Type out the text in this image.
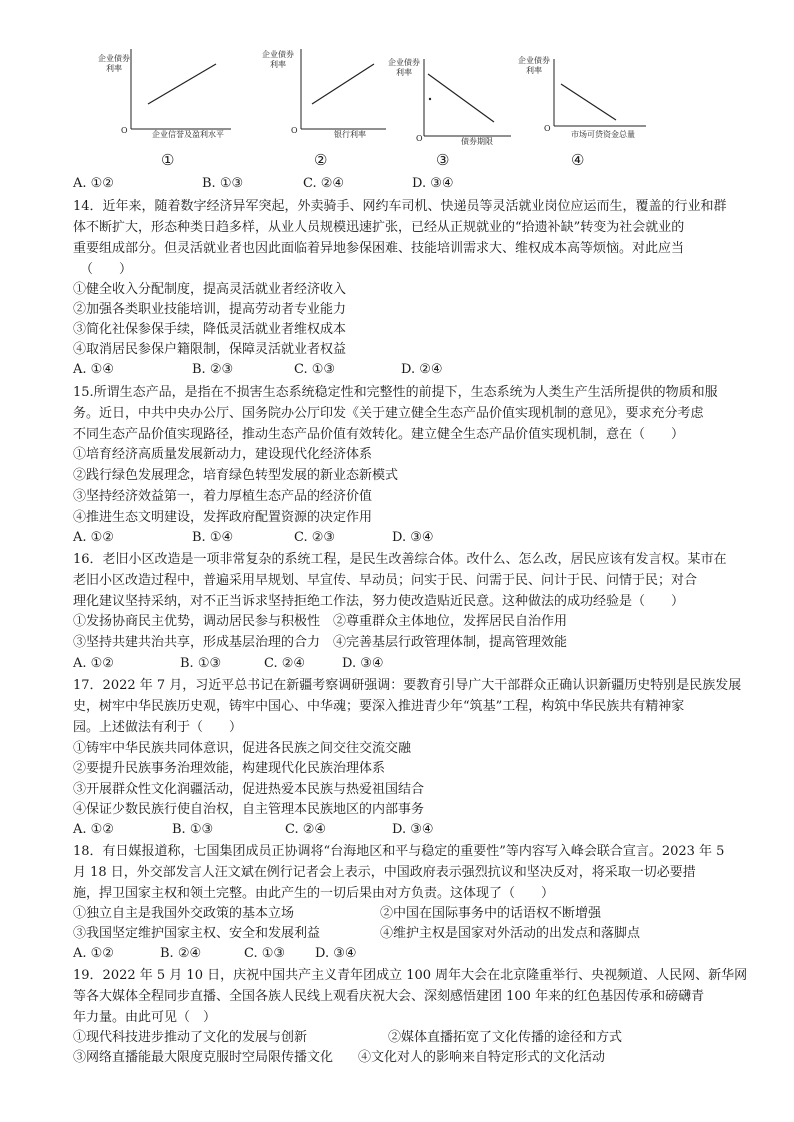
企业债券利率
O	企业信誉及盈利水平
①
企业债券利率
O	银行利率
②
企业债券利率
O	债券期限
③
企业债券利率
O
市场可贷资金总量
④
A. ①②	B. ①③	C. ②④	D. ③④
14．近年来，随着数字经济异军突起，外卖骑手、网约车司机、快递员等灵活就业岗位应运而生，覆盖的行业和群
体不断扩大，形态种类日趋多样，从业人员规模迅速扩张，已经从正规就业的“拾遗补缺”转变为社会就业的
重要组成部分。但灵活就业者也因此面临着异地参保困难、技能培训需求大、维权成本高等烦恼。对此应当
（　　）
①健全收入分配制度，提高灵活就业者经济收入
②加强各类职业技能培训，提高劳动者专业能力
③简化社保参保手续，降低灵活就业者维权成本
④取消居民参保户籍限制，保障灵活就业者权益
A. ①④	B. ②③	C. ①③	D. ②④
15.所谓生态产品，是指在不损害生态系统稳定性和完整性的前提下，生态系统为人类生产生活所提供的物质和服
务。近日，中共中央办公厅、国务院办公厅印发《关于建立健全生态产品价值实现机制的意见》，要求充分考虑
不同生态产品价值实现路径，推动生态产品价值有效转化。建立健全生态产品价值实现机制，意在（　　）
①培育经济高质量发展新动力，建设现代化经济体系
②践行绿色发展理念，培育绿色转型发展的新业态新模式
③坚持经济效益第一，着力厚植生态产品的经济价值
④推进生态文明建设，发挥政府配置资源的决定作用
A. ①②	B. ①④	C. ②③	D. ③④
16．老旧小区改造是一项非常复杂的系统工程，是民生改善综合体。改什么、怎么改，居民应该有发言权。某市在
老旧小区改造过程中，普遍采用早规划、早宣传、早动员；问实于民、问需于民、问计于民、问情于民；对合
理化建议坚持采纳，对不正当诉求坚持拒绝工作法，努力使改造贴近民意。这种做法的成功经验是（　　）
①发扬协商民主优势，调动居民参与积极性　②尊重群众主体地位，发挥居民自治作用
③坚持共建共治共享，形成基层治理的合力　④完善基层行政管理体制，提高管理效能
A. ①②	B. ①③	C. ②④	D. ③④
17．2022 年 7 月，习近平总书记在新疆考察调研强调：要教育引导广大干部群众正确认识新疆历史特别是民族发展
史，树牢中华民族历史观，铸牢中国心、中华魂；要深入推进青少年“筑基”工程，构筑中华民族共有精神家
园。上述做法有利于（　　）
①铸牢中华民族共同体意识，促进各民族之间交往交流交融
②要提升民族事务治理效能，构建现代化民族治理体系
③开展群众性文化润疆活动，促进热爱本民族与热爱祖国结合
④保证少数民族行使自治权，自主管理本民族地区的内部事务
A. ①②	B. ①③	C. ②④	D. ③④
18．有日媒报道称，七国集团成员正协调将“台海地区和平与稳定的重要性”等内容写入峰会联合宣言。2023 年 5
月 18 日，外交部发言人汪文斌在例行记者会上表示，中国政府表示强烈抗议和坚决反对，将采取一切必要措
施，捍卫国家主权和领土完整。由此产生的一切后果由对方负责。这体现了（　　）
①独立自主是我国外交政策的基本立场	②中国在国际事务中的话语权不断增强
③我国坚定维护国家主权、安全和发展利益	④维护主权是国家对外活动的出发点和落脚点
A. ①②	B. ②④	C. ①③ D. ③④
19．2022 年 5 月 10 日，庆祝中国共产主义青年团成立 100 周年大会在北京隆重举行、央视频道、人民网、新华网
等各大媒体全程同步直播、全国各族人民线上观看庆祝大会、深刻感悟建团 100 年来的红色基因传承和磅礴青
年力量。由此可见（　）
①现代科技进步推动了文化的发展与创新	②媒体直播拓宽了文化传播的途径和方式
③网络直播能最大限度克服时空局限传播文化 ④文化对人的影响来自特定形式的文化活动
